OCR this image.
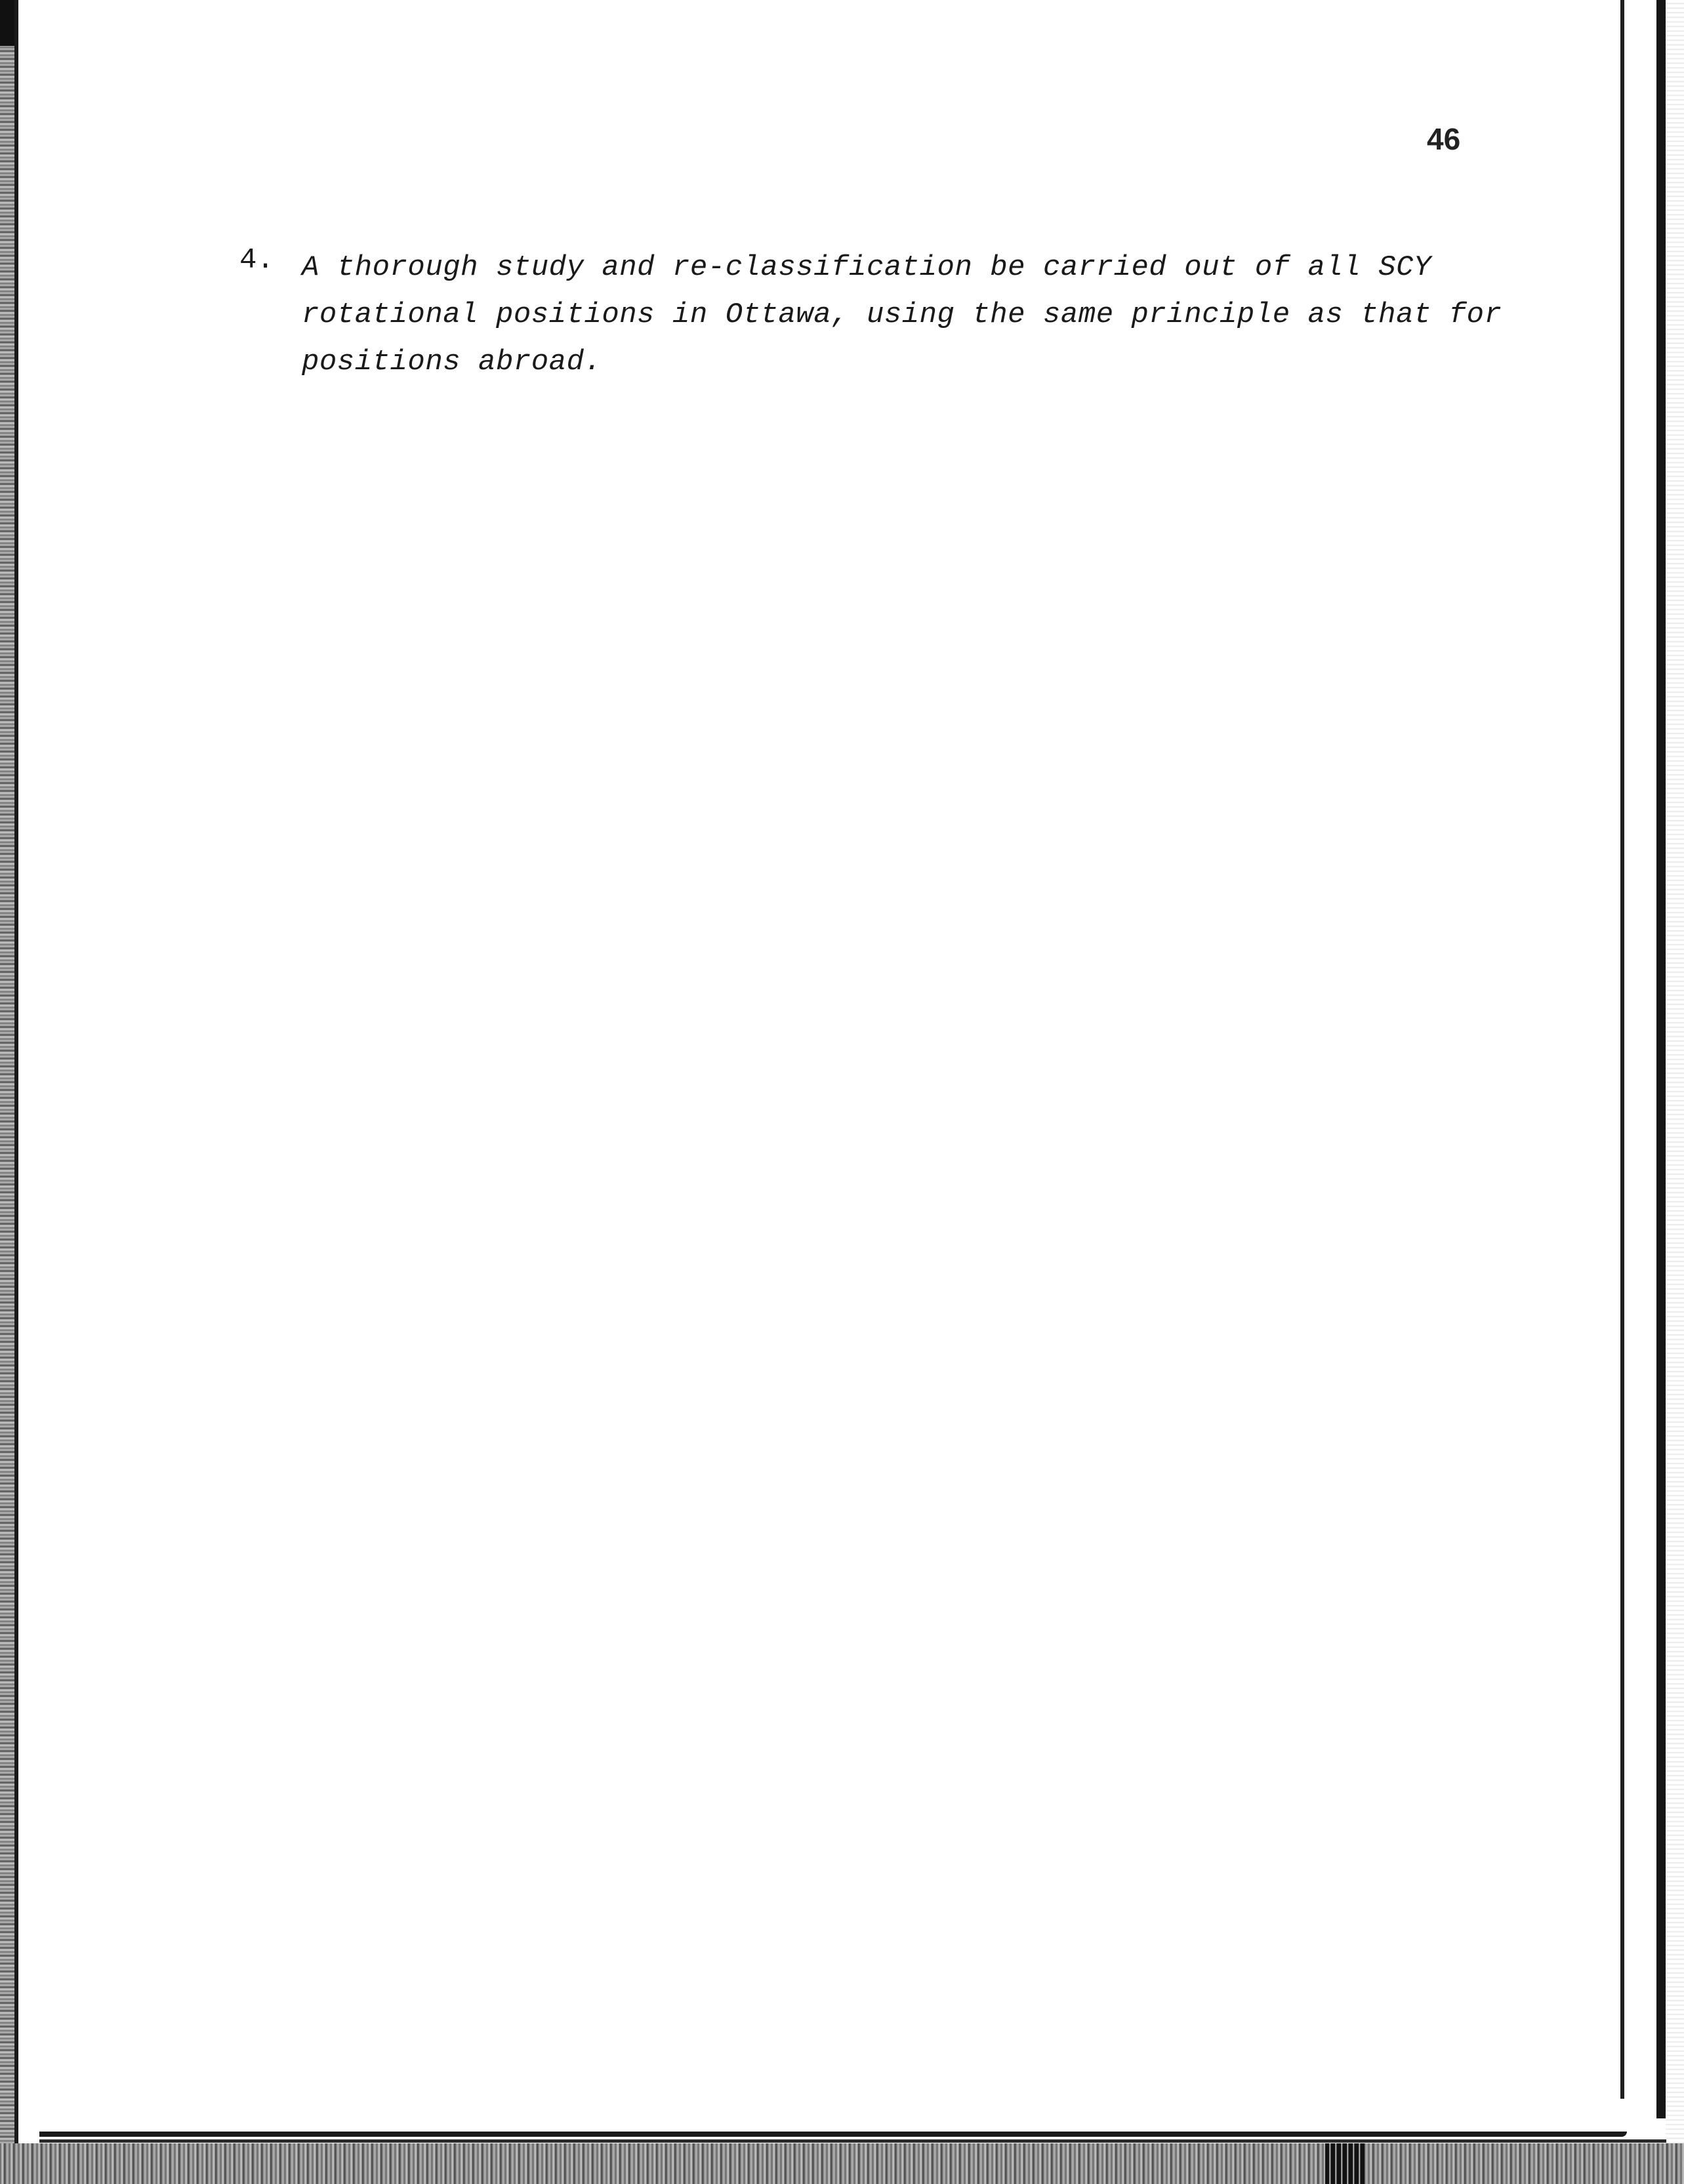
46
4. A thorough study and re-classification be carried out of all SCY
rotational positions in Ottawa, using the same principle as that for
positions abroad.
